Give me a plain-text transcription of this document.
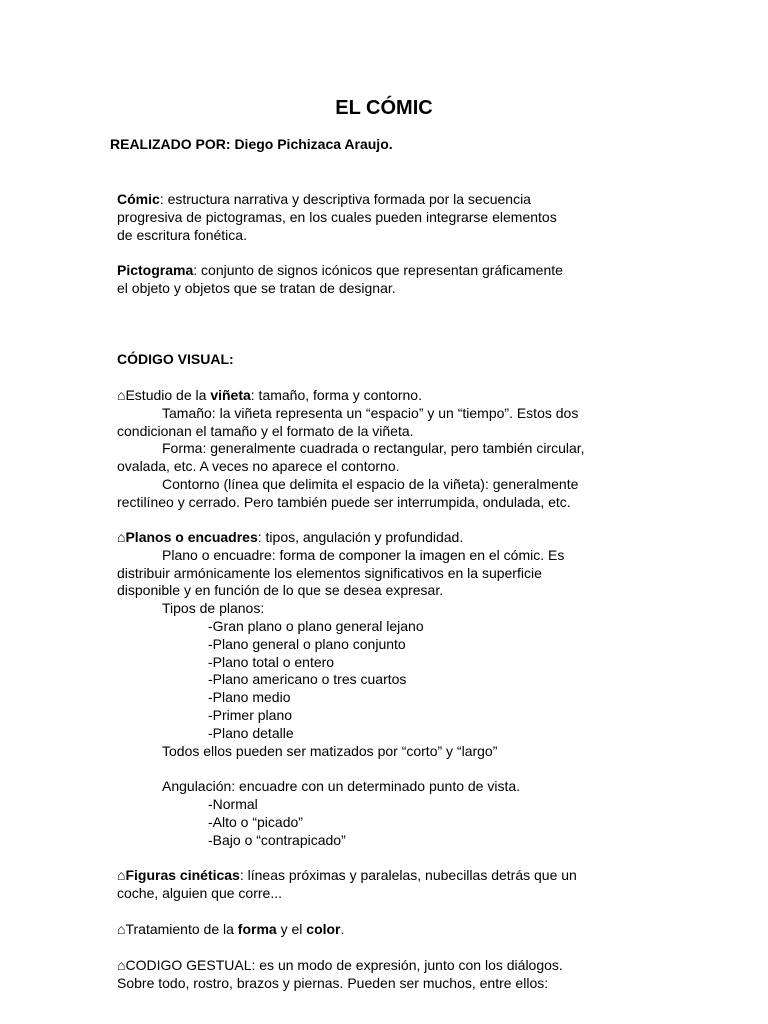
EL CÓMIC
REALIZADO POR: Diego Pichizaca Araujo.
Cómic: estructura narrativa y descriptiva formada por la secuencia
progresiva de pictogramas, en los cuales pueden integrarse elementos
de escritura fonética.
Pictograma: conjunto de signos icónicos que representan gráficamente
el objeto y objetos que se tratan de designar.
CÓDIGO VISUAL:
⌂Estudio de la viñeta: tamaño, forma y contorno.
Tamaño: la viñeta representa un “espacio” y un “tiempo”. Estos dos
condicionan el tamaño y el formato de la viñeta.
Forma: generalmente cuadrada o rectangular, pero también circular,
ovalada, etc. A veces no aparece el contorno.
Contorno (línea que delimita el espacio de la viñeta): generalmente
rectilíneo y cerrado. Pero también puede ser interrumpida, ondulada, etc.
⌂Planos o encuadres: tipos, angulación y profundidad.
Plano o encuadre: forma de componer la imagen en el cómic. Es
distribuir armónicamente los elementos significativos en la superficie
disponible y en función de lo que se desea expresar.
Tipos de planos:
-Gran plano o plano general lejano
-Plano general o plano conjunto
-Plano total o entero
-Plano americano o tres cuartos
-Plano medio
-Primer plano
-Plano detalle
Todos ellos pueden ser matizados por “corto” y “largo”
Angulación: encuadre con un determinado punto de vista.
-Normal
-Alto o “picado”
-Bajo o “contrapicado”
⌂Figuras cinéticas: líneas próximas y paralelas, nubecillas detrás que un
coche, alguien que corre...
⌂Tratamiento de la forma y el color.
⌂CODIGO GESTUAL: es un modo de expresión, junto con los diálogos.
Sobre todo, rostro, brazos y piernas. Pueden ser muchos, entre ellos:
